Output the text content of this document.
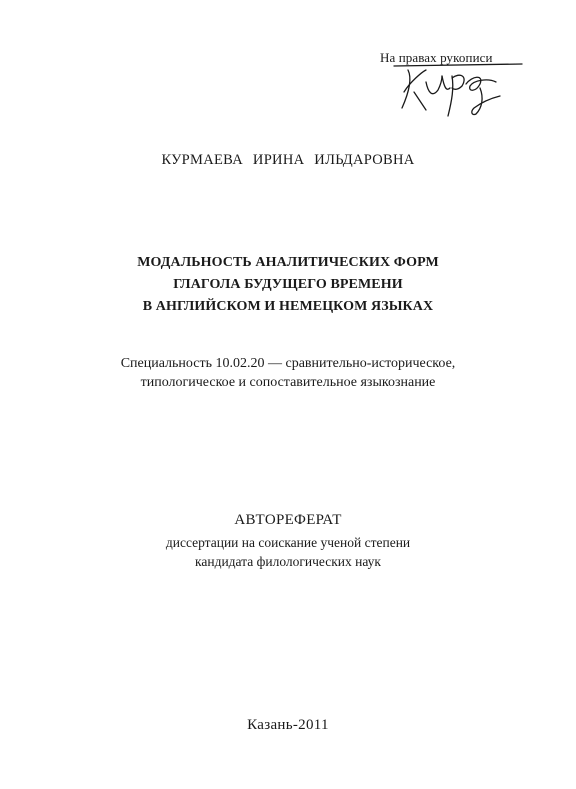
На правах рукописи
КУРМАЕВА ИРИНА ИЛЬДАРОВНА
МОДАЛЬНОСТЬ АНАЛИТИЧЕСКИХ ФОРМ
ГЛАГОЛА БУДУЩЕГО ВРЕМЕНИ
В АНГЛИЙСКОМ И НЕМЕЦКОМ ЯЗЫКАХ
Специальность 10.02.20 — сравнительно-историческое,
типологическое и сопоставительное языкознание
АВТОРЕФЕРАТ
диссертации на соискание ученой степени
кандидата филологических наук
Казань-2011
